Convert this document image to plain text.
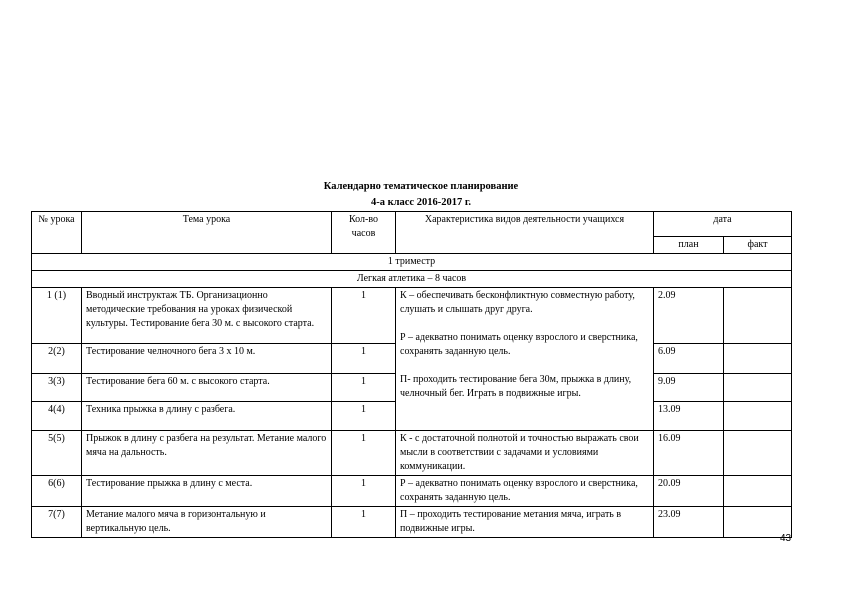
Календарно тематическое планирование
4-а класс 2016-2017 г.
№ урока	Тема урока	Кол-во часов	Характеристика видов деятельности учащихся	дата	
				план	факт
1 триместр					
Легкая атлетика – 8 часов					
1 (1)	Вводный инструктаж ТБ. Организационно методические требования на уроках физической культуры. Тестирование бега 30 м. с высокого старта.	1	К – обеспечивать бесконфликтную совместную работу, слушать и слышать друг друга.
Р – адекватно понимать оценку взрослого и сверстника, сохранять заданную цель.
П- проходить тестирование бега 30м, прыжка в длину, челночный бег. Играть в подвижные игры.	2.09	
2(2)	Тестирование челночного бега 3 х 10 м.	1		6.09	
3(3)	Тестирование бега 60 м. с высокого старта.	1		9.09	
4(4)	Техника прыжка в длину с разбега.	1		13.09	
5(5)	Прыжок в длину с разбега на результат. Метание малого мяча на дальность.	1	К - с достаточной полнотой и точностью выражать свои мысли в соответствии с задачами и условиями коммуникации.	16.09	
6(6)	Тестирование прыжка в длину с места.	1	Р – адекватно понимать оценку взрослого и сверстника, сохранять заданную цель.	20.09	
7(7)	Метание малого мяча в горизонтальную и вертикальную цель.	1	П – проходить тестирование метания мяча, играть в подвижные игры.	23.09	
43
